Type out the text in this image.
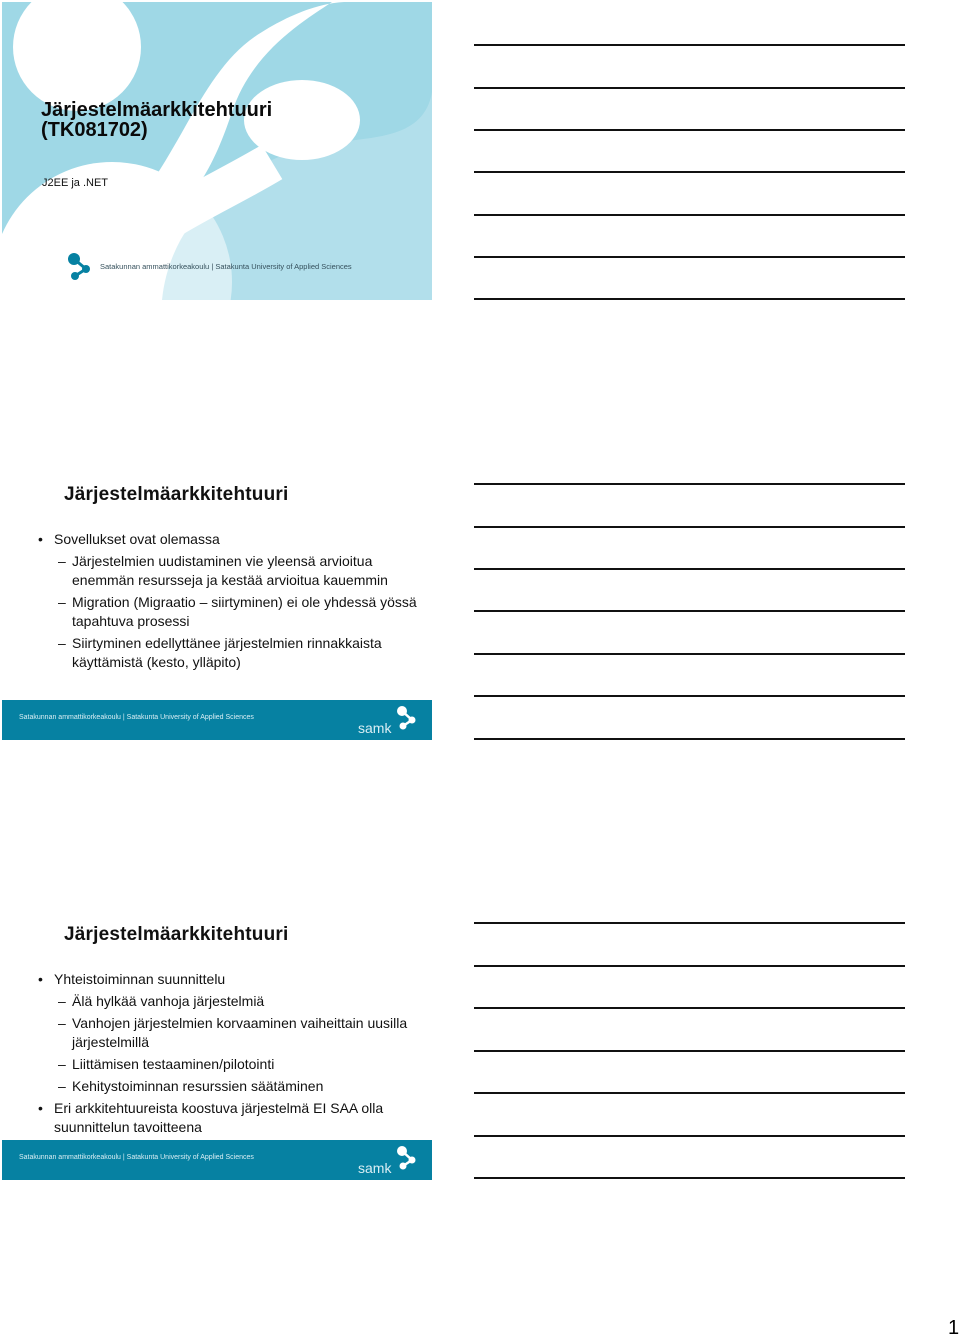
Järjestelmäarkkitehtuuri
(TK081702)
J2EE ja .NET
samk	Satakunnan ammattikorkeakoulu | Satakunta University of Applied Sciences
Järjestelmäarkkitehtuuri
• Sovellukset ovat olemassa
– Järjestelmien uudistaminen vie yleensä arvioitua enemmän resursseja ja kestää arvioitua kauemmin
– Migration (Migraatio – siirtyminen) ei ole yhdessä yössä tapahtuva prosessi
– Siirtyminen edellyttänee järjestelmien rinnakkaista käyttämistä (kesto, ylläpito)
Satakunnan ammattikorkeakoulu | Satakunta University of Applied Sciences
samk
Järjestelmäarkkitehtuuri
• Yhteistoiminnan suunnittelu
– Älä hylkää vanhoja järjestelmiä
– Vanhojen järjestelmien korvaaminen vaiheittain uusilla järjestelmillä
– Liittämisen testaaminen/pilotointi
– Kehitystoiminnan resurssien säätäminen
• Eri arkkitehtuureista koostuva järjestelmä EI SAA olla suunnittelun tavoitteena
Satakunnan ammattikorkeakoulu | Satakunta University of Applied Sciences
samk
1
